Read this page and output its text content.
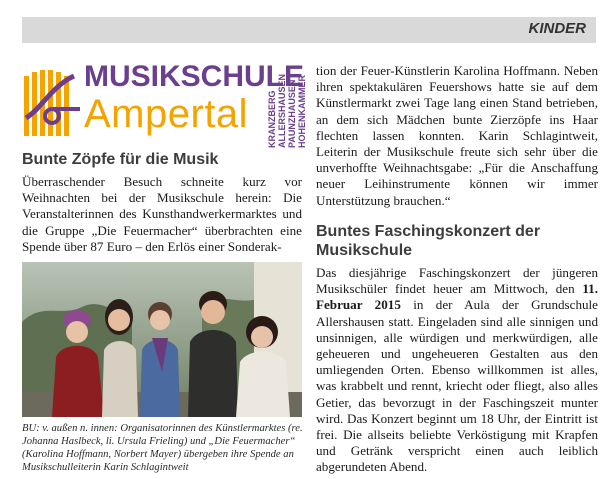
KINDER
MUSIKSCHULE
Ampertal KRANZBERG ALLERSHAUSEN PAUNZHAUSEN HOHENKAMMER
Bunte Zöpfe für die Musik

Überraschender Besuch schneite kurz vor Weihnachten bei der Musikschule herein: Die Veranstalterinnen des Kunsthandwerkermarktes und die Gruppe „Die Feuermacher“ überbrachten eine Spende über 87 Euro – den Erlös einer Sonderak-

BU: v. außen n. innen: Organisatorinnen des Künstlermarktes (re. Johanna Haslbeck, li. Ursula Frieling) und „Die Feuermacher“ (Karolina Hoffmann, Norbert Mayer) übergeben ihre Spende an Musikschulleiterin Karin Schlagintweit

tion der Feuer-Künstlerin Karolina Hoffmann. Neben ihren spektakulären Feuershows hatte sie auf dem Künstlermarkt zwei Tage lang einen Stand betrieben, an dem sich Mädchen bunte Zierzöpfe ins Haar flechten lassen konnten. Karin Schlagintweit, Leiterin der Musikschule freute sich sehr über die unverhoffte Weihnachtsgabe: „Für die Anschaffung neuer Leihinstrumente können wir immer Unterstützung brauchen.“

Buntes Faschingskonzert der Musikschule

Das diesjährige Faschingskonzert der jüngeren Musikschüler findet heuer am Mittwoch, den 11. Februar 2015 in der Aula der Grundschule Allershausen statt. Eingeladen sind alle sinnigen und unsinnigen, alle würdigen und merkwürdigen, alle geheueren und ungeheueren Gestalten aus den umliegenden Orten. Ebenso willkommen ist alles, was krabbelt und rennt, kriecht oder fliegt, also alles Getier, das bevorzugt in der Faschingszeit munter wird. Das Konzert beginnt um 18 Uhr, der Eintritt ist frei. Die allseits beliebte Verköstigung mit Krapfen und Getränk verspricht einen auch leiblich abgerundeten Abend.
